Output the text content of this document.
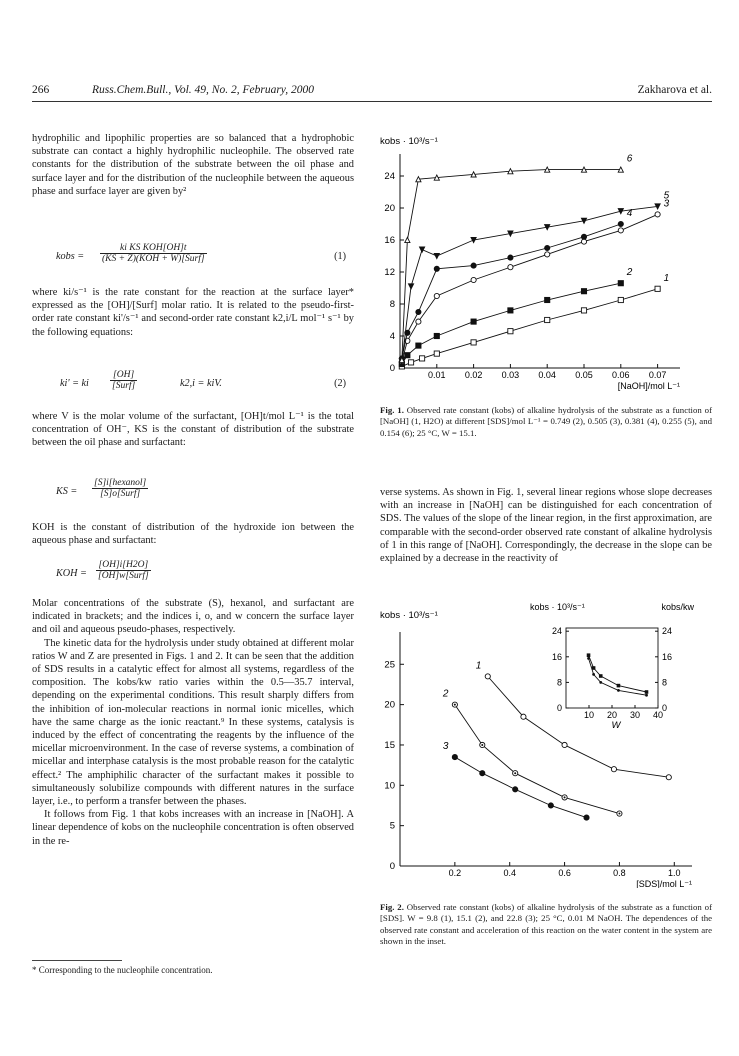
266	Russ.Chem.Bull., Vol. 49, No. 2, February, 2000	Zakharova et al.

hydrophilic and lipophilic properties are so balanced that a hydrophobic substrate can contact a highly hydrophilic nucleophile. The observed rate constants for the distribution of the substrate between the oil phase and surface layer and for the distribution of the nucleophile between the aqueous phase and surface layer are given by²

kobs =
ki KS KOH[OH]t
(KS + Z)(KOH + W)[Surf]	(1)

where ki/s⁻¹ is the rate constant for the reaction at the surface layer* expressed as the [OH]/[Surf] molar ratio. It is related to the pseudo-first-order rate constant ki'/s⁻¹ and second-order rate constant k2,i/L mol⁻¹ s⁻¹ by the following equations:

ki' = ki
[OH]
[Surf]	k2,i = kiV.	(2)

where V is the molar volume of the surfactant, [OH]t/mol L⁻¹ is the total concentration of OH⁻, KS is the constant of distribution of the substrate between the oil phase and surfactant:

KS =
[S]i[hexanol]
[S]o[Surf]

KOH is the constant of distribution of the hydroxide ion between the aqueous phase and surfactant:

KOH =
[OH]i[H2O]
[OH]w[Surf]

Molar concentrations of the substrate (S), hexanol, and surfactant are indicated in brackets; and the indices i, o, and w concern the surface layer and oil and aqueous pseudo-phases, respectively.

The kinetic data for the hydrolysis under study obtained at different molar ratios W and Z are presented in Figs. 1 and 2. It can be seen that the addition of SDS results in a catalytic effect for almost all systems, regardless of the composition. The kobs/kw ratio varies within the 0.5—35.7 interval, depending on the experimental conditions. This result sharply differs from the inhibition of ion-molecular reactions in normal ionic micelles, which have the same charge as the ionic reactant.⁹ In these systems, catalysis is induced by the effect of concentrating the reagents by the influence of the micellar microenvironment. In the case of reverse systems, a combination of micellar and interphase catalysis is the most probable reason for the catalytic effect.² The amphiphilic character of the surfactant makes it possible to simultaneously solubilize compounds with different natures in the surface layer, i.e., to perform a transfer between the phases.

It follows from Fig. 1 that kobs increases with an increase in [NaOH]. A linear dependence of kobs on the nucleophile concentration is often observed in the re-

* Corresponding to the nucleophile concentration.
kobs · 10³/s⁻¹
0
4
8
12
16
20
24
0.01 0.02 0.03 0.04 0.05 0.06 0.07
[NaOH]/mol L⁻¹
1
2
3
4
5
6
Fig. 1. Observed rate constant (kobs) of alkaline hydrolysis of the substrate as a function of [NaOH] (1, H2O) at different [SDS]/mol L⁻¹ = 0.749 (2), 0.505 (3), 0.381 (4), 0.255 (5), and 0.154 (6); 25 °C, W = 15.1.

verse systems. As shown in Fig. 1, several linear regions whose slope decreases with an increase in [NaOH] can be distinguished for each concentration of SDS. The values of the slope of the linear region, in the first approximation, are comparable with the second-order observed rate constant of alkaline hydrolysis of 1 in this range of [NaOH]. Correspondingly, the decrease in the slope can be explained by a decrease in the reactivity of

kobs · 10³/s⁻¹
0
5
10
15
20
25
0.2	0.4	0.6	0.8	1.0
[SDS]/mol L⁻¹
1
2
3
kobs · 10³/s⁻¹	kobs/kw
0
8
16
24
0
8
16
24
10 20 30 40
W
Fig. 2. Observed rate constant (kobs) of alkaline hydrolysis of the substrate as a function of [SDS]. W = 9.8 (1), 15.1 (2), and 22.8 (3); 25 °C, 0.01 M NaOH. The dependences of the observed rate constant and acceleration of this reaction on the water content in the system are shown in the inset.
